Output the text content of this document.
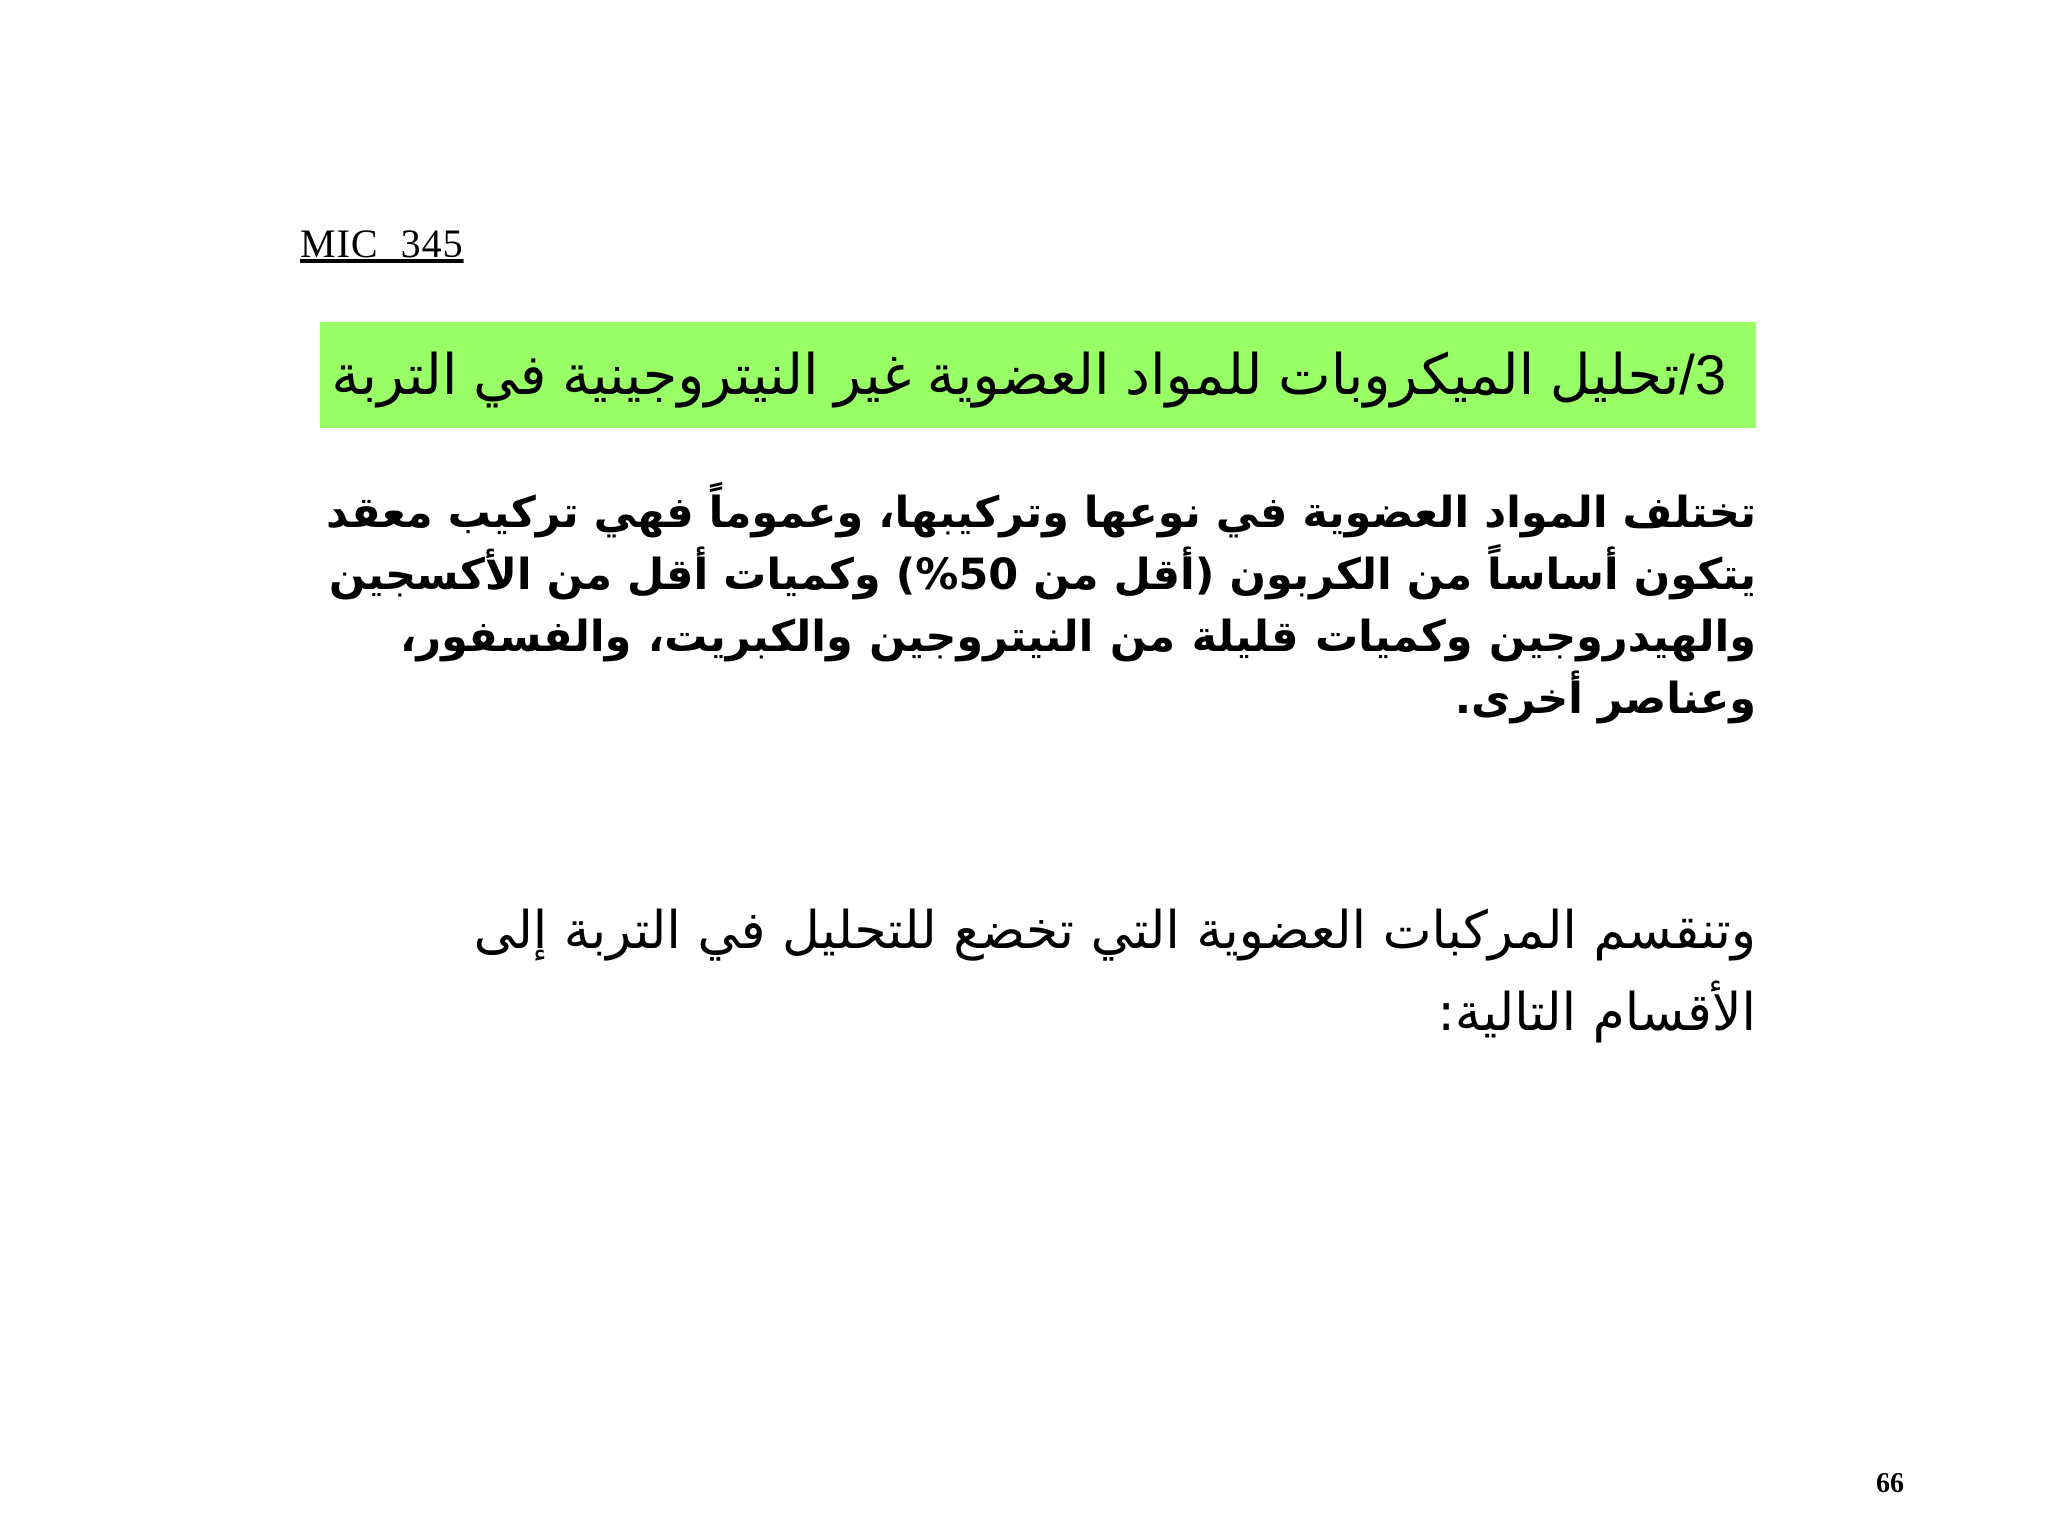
MIC  345
3/تحليل الميكروبات للمواد العضوية غير النيتروجينية في التربة
تختلف المواد العضوية في نوعها وتركيبها، وعموماً فهي تركيب معقد
يتكون أساساً من الكربون (أقل من 50%) وكميات أقل من الأكسجين
والهيدروجين وكميات قليلة من النيتروجين والكبريت، والفسفور،
وعناصر أخرى.
وتنقسم المركبات العضوية التي تخضع للتحليل في التربة إلى
الأقسام التالية:
66
